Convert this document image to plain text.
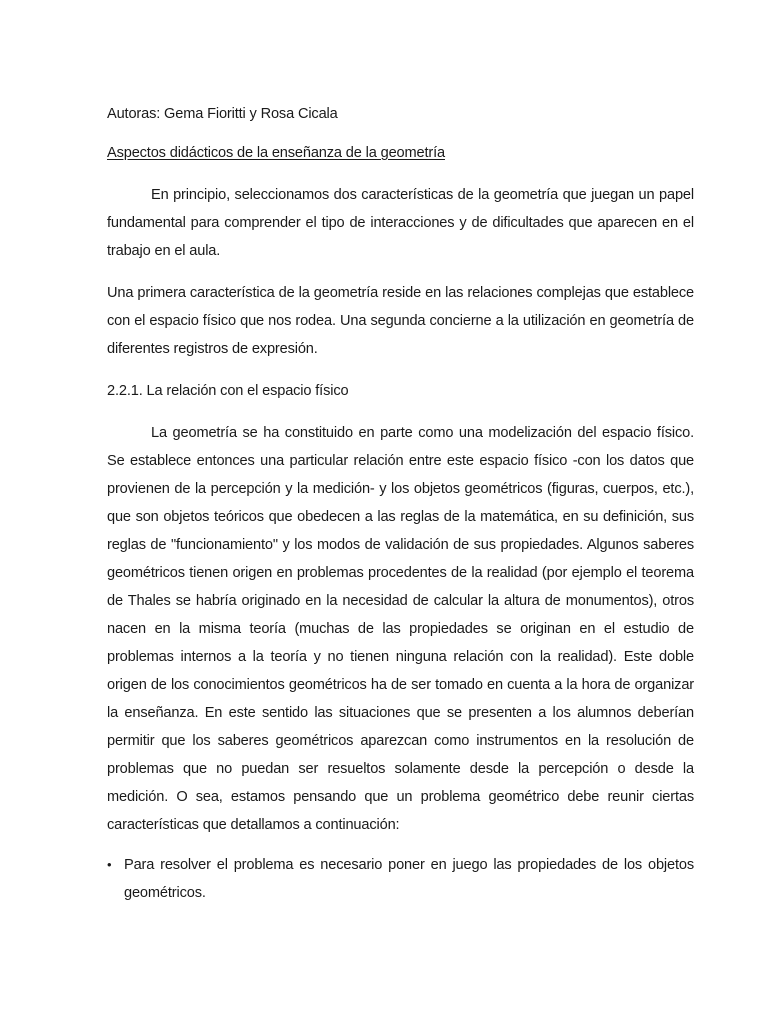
Autoras: Gema Fioritti y Rosa Cicala

Aspectos didácticos de la enseñanza de la geometría

En principio, seleccionamos dos características de la geometría que juegan un papel fundamental para comprender el tipo de interacciones y de dificultades que aparecen en el trabajo en el aula.

Una primera característica de la geometría reside en las relaciones complejas que establece con el espacio físico que nos rodea. Una segunda concierne a la utilización en geometría de diferentes registros de expresión.

2.2.1. La relación con el espacio físico

La geometría se ha constituido en parte como una modelización del espacio físico. Se establece entonces una particular relación entre este espacio físico -con los datos que provienen de la percepción y la medición- y los objetos geométricos (figuras, cuerpos, etc.), que son objetos teóricos que obedecen a las reglas de la matemática, en su definición, sus reglas de "funcionamiento" y los modos de validación de sus propiedades. Algunos saberes geométricos tienen origen en problemas procedentes de la realidad (por ejemplo el teorema de Thales se habría originado en la necesidad de calcular la altura de monumentos), otros nacen en la misma teoría (muchas de las propiedades se originan en el estudio de problemas internos a la teoría y no tienen ninguna relación con la realidad). Este doble origen de los conocimientos geométricos ha de ser tomado en cuenta a la hora de organizar la enseñanza. En este sentido las situaciones que se presenten a los alumnos deberían permitir que los saberes geométricos aparezcan como instrumentos en la resolución de problemas que no puedan ser resueltos solamente desde la percepción o desde la medición. O sea, estamos pensando que un problema geométrico debe reunir ciertas características que detallamos a continuación:

• Para resolver el problema es necesario poner en juego las propiedades de los objetos geométricos.
